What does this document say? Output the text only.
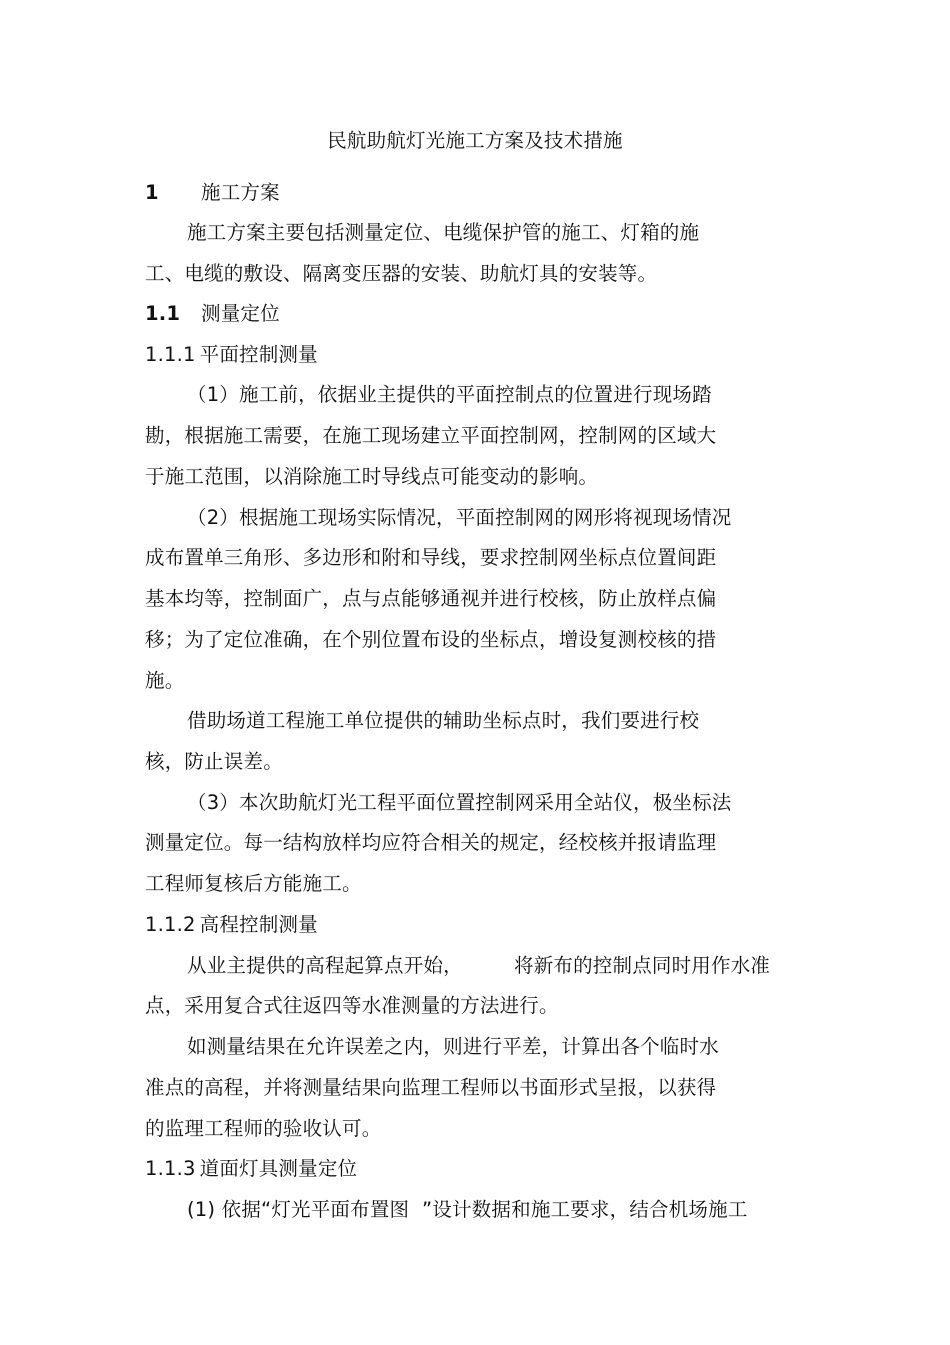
民航助航灯光施工方案及技术措施
1 施工方案
施工方案主要包括测量定位、电缆保护管的施工、灯箱的施
工、电缆的敷设、隔离变压器的安装、助航灯具的安装等。
1.1 测量定位
1.1.1 平面控制测量
（1）施工前，依据业主提供的平面控制点的位置进行现场踏
勘，根据施工需要，在施工现场建立平面控制网，控制网的区域大
于施工范围，以消除施工时导线点可能变动的影响。
（2）根据施工现场实际情况，平面控制网的网形将视现场情况
成布置单三角形、多边形和附和导线，要求控制网坐标点位置间距
基本均等，控制面广，点与点能够通视并进行校核，防止放样点偏
移；为了定位准确，在个别位置布设的坐标点，增设复测校核的措
施。
借助场道工程施工单位提供的辅助坐标点时，我们要进行校
核，防止误差。
（3）本次助航灯光工程平面位置控制网采用全站仪，极坐标法
测量定位。每一结构放样均应符合相关的规定，经校核并报请监理
工程师复核后方能施工。
1.1.2 高程控制测量
从业主提供的高程起算点开始，        将新布的控制点同时用作水准
点，采用复合式往返四等水准测量的方法进行。
如测量结果在允许误差之内，则进行平差，计算出各个临时水
准点的高程，并将测量结果向监理工程师以书面形式呈报，以获得
的监理工程师的验收认可。
1.1.3 道面灯具测量定位
(1) 依据“灯光平面布置图  ”设计数据和施工要求，结合机场施工
